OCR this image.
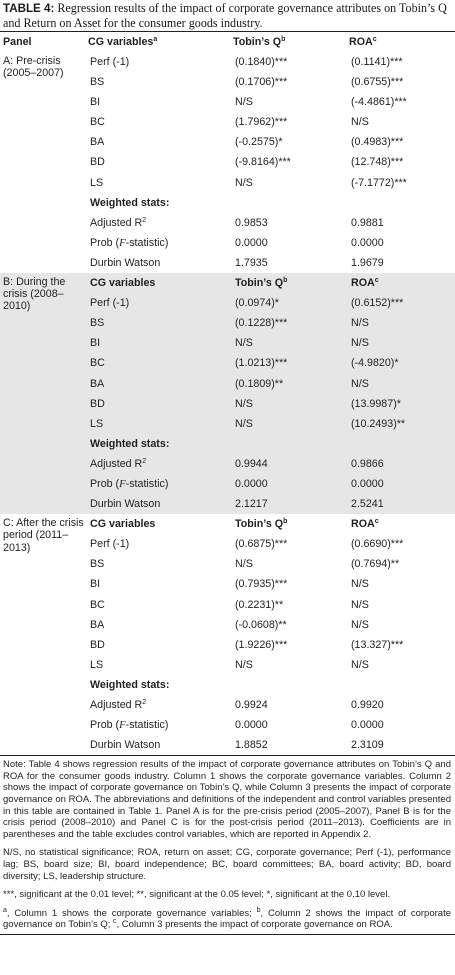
TABLE 4: Regression results of the impact of corporate governance attributes on Tobin’s Q and Return on Asset for the consumer goods industry.
Panel	CG variables$^a$	Tobin’s $Q^b$	ROA$^c$
A: Pre-crisis (2005–2007)	Perf (-1)	(0.1840)***	(0.1141)***
	BS	(0.1706)***	(0.6755)***
	BI	N/S	(-4.4861)***
	BC	(1.7962)***	N/S
	BA	(-0.2575)*	(0.4983)***
	BD	(-9.8164)***	(12.748)***
	LS	N/S	(-7.1772)***
	Weighted stats:		
	Adjusted $R^2$	0.9853	0.9881
	Prob (F-statistic)	0.0000	0.0000
	Durbin Watson	1.7935	1.9679
B: During the crisis (2008–2010)	CG variables	Tobin’s $Q^b$	ROA$^c$
	Perf (-1)	(0.0974)*	(0.6152)***
	BS	(0.1228)***	N/S
	BI	N/S	N/S
	BC	(1.0213)***	(-4.9820)*
	BA	(0.1809)**	N/S
	BD	N/S	(13.9987)*
	LS	N/S	(10.2493)**
	Weighted stats:		
	Adjusted $R^2$	0.9944	0.9866
	Prob (F-statistic)	0.0000	0.0000
	Durbin Watson	2.1217	2.5241
C: After the crisis period (2011–2013)	CG variables	Tobin’s $Q^b$	ROA$^c$
	Perf (-1)	(0.6875)***	(0.6690)***
	BS	N/S	(0.7694)**
	BI	(0.7935)***	N/S
	BC	(0.2231)**	N/S
	BA	(-0.0608)**	N/S
	BD	(1.9226)***	(13.327)***
	LS	N/S	N/S
	Weighted stats:		
	Adjusted $R^2$	0.9924	0.9920
	Prob (F-statistic)	0.0000	0.0000
	Durbin Watson	1.8852	2.3109

Note: Table 4 shows regression results of the impact of corporate governance attributes on Tobin’s Q and ROA for the consumer goods industry. Column 1 shows the corporate governance variables. Column 2 shows the impact of corporate governance on Tobin’s Q, while Column 3 presents the impact of corporate governance on ROA. The abbreviations and definitions of the independent and control variables presented in this table are contained in Table 1. Panel A is for the pre-crisis period (2005–2007), Panel B is for the crisis period (2008–2010) and Panel C is for the post-crisis period (2011–2013). Coefficients are in parentheses and the table excludes control variables, which are reported in Appendix 2.

N/S, no statistical significance; ROA, return on asset; CG, corporate governance; Perf (-1), performance lag; BS, board size; BI, board independence; BC, board committees; BA, board activity; BD, board diversity; LS, leadership structure.

***, significant at the 0.01 level; **, significant at the 0.05 level; *, significant at the 0.10 level.

$^a$, Column 1 shows the corporate governance variables; $^b$, Column 2 shows the impact of corporate governance on Tobin’s Q; $^c$, Column 3 presents the impact of corporate governance on ROA.
